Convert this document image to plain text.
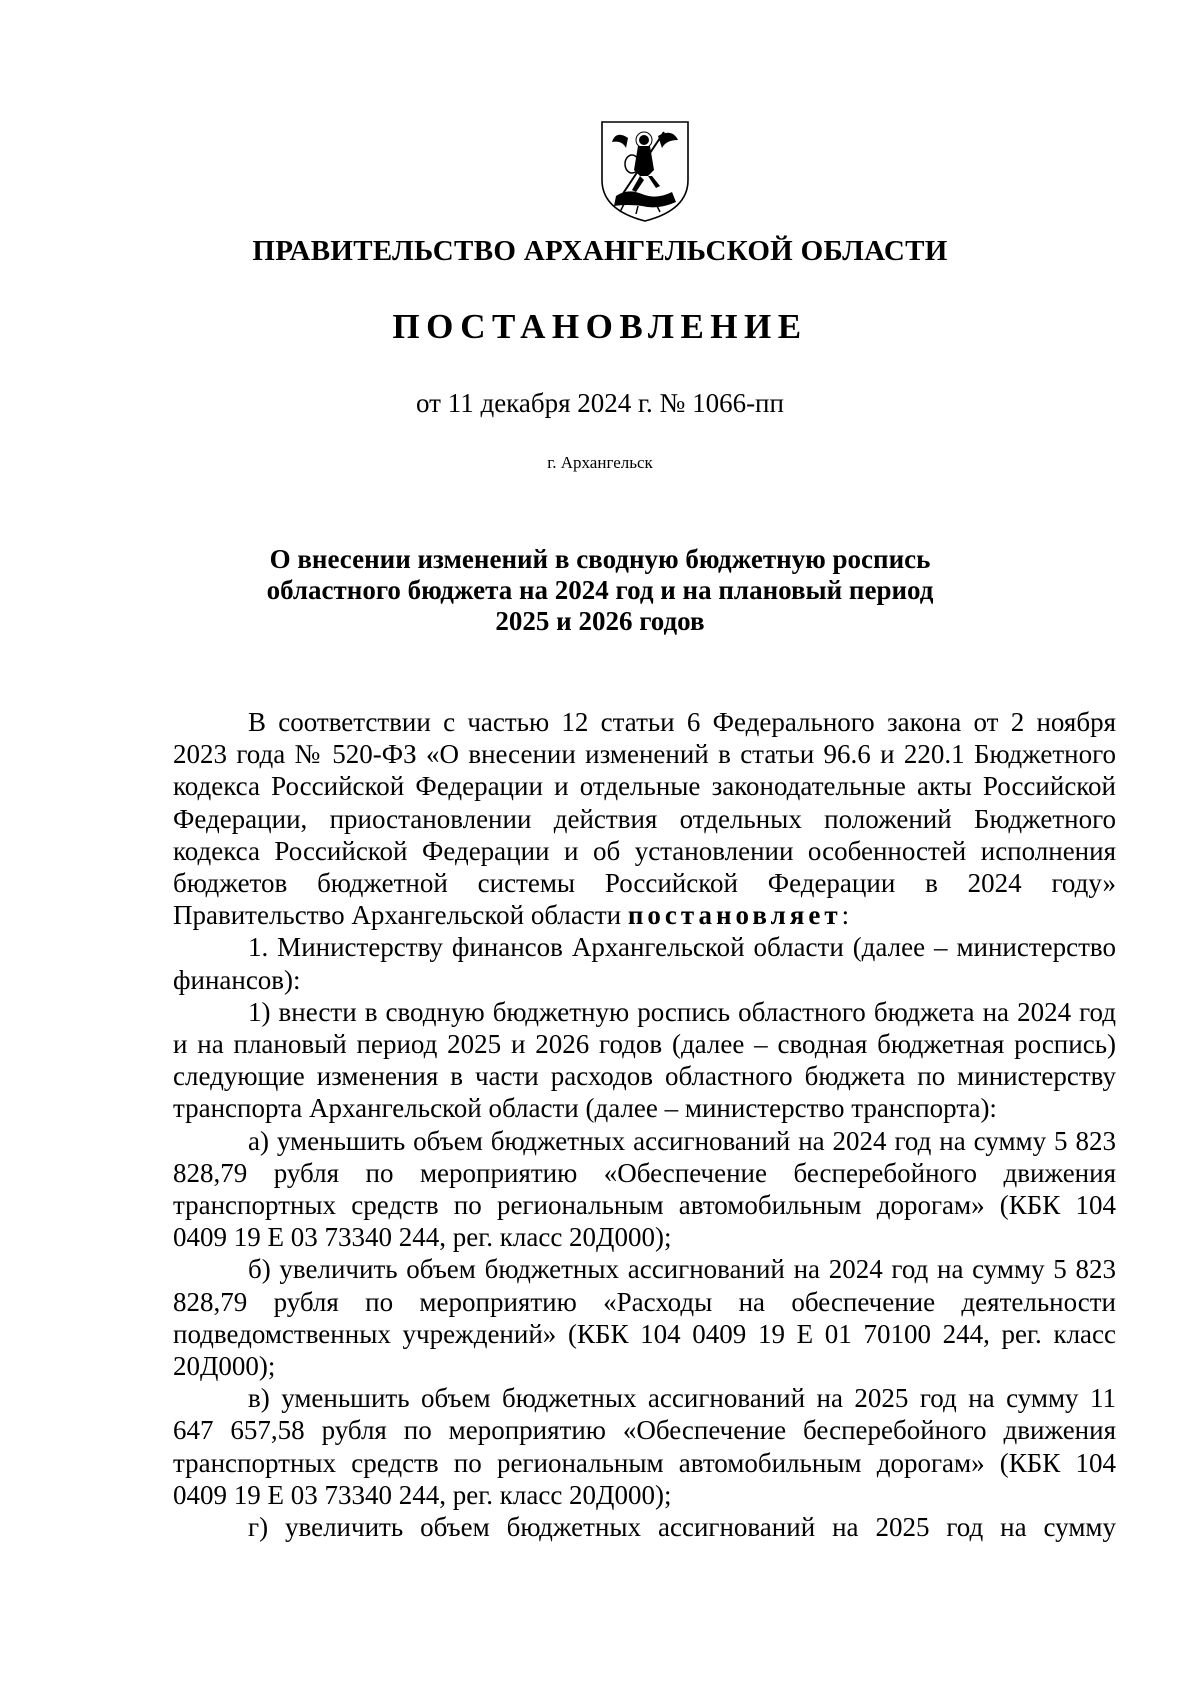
ПРАВИТЕЛЬСТВО АРХАНГЕЛЬСКОЙ ОБЛАСТИ
ПОСТАНОВЛЕНИЕ
от 11 декабря 2024 г. № 1066-пп
г. Архангельск
О внесении изменений в сводную бюджетную роспись
областного бюджета на 2024 год и на плановый период
2025 и 2026 годов

В соответствии с частью 12 статьи 6 Федерального закона от 2 ноября 2023 года № 520-ФЗ «О внесении изменений в статьи 96.6 и 220.1 Бюджетного кодекса Российской Федерации и отдельные законодательные акты Российской Федерации, приостановлении действия отдельных положений Бюджетного кодекса Российской Федерации и об установлении особенностей исполнения бюджетов бюджетной системы Российской Федерации в 2024 году» Правительство Архангельской области постановляет:

1. Министерству финансов Архангельской области (далее – министерство финансов):

1) внести в сводную бюджетную роспись областного бюджета на 2024 год и на плановый период 2025 и 2026 годов (далее – сводная бюджетная роспись) следующие изменения в части расходов областного бюджета по министерству транспорта Архангельской области (далее – министерство транспорта):

а) уменьшить объем бюджетных ассигнований на 2024 год на сумму 5 823 828,79 рубля по мероприятию «Обеспечение бесперебойного движения транспортных средств по региональным автомобильным дорогам» (КБК 104 0409 19 Е 03 73340 244, рег. класс 20Д000);

б) увеличить объем бюджетных ассигнований на 2024 год на сумму 5 823 828,79 рубля по мероприятию «Расходы на обеспечение деятельности подведомственных учреждений» (КБК 104 0409 19 Е 01 70100 244, рег. класс 20Д000);

в) уменьшить объем бюджетных ассигнований на 2025 год на сумму 11 647 657,58 рубля по мероприятию «Обеспечение бесперебойного движения транспортных средств по региональным автомобильным дорогам» (КБК 104 0409 19 Е 03 73340 244, рег. класс 20Д000);

г) увеличить объем бюджетных ассигнований на 2025 год на сумму
